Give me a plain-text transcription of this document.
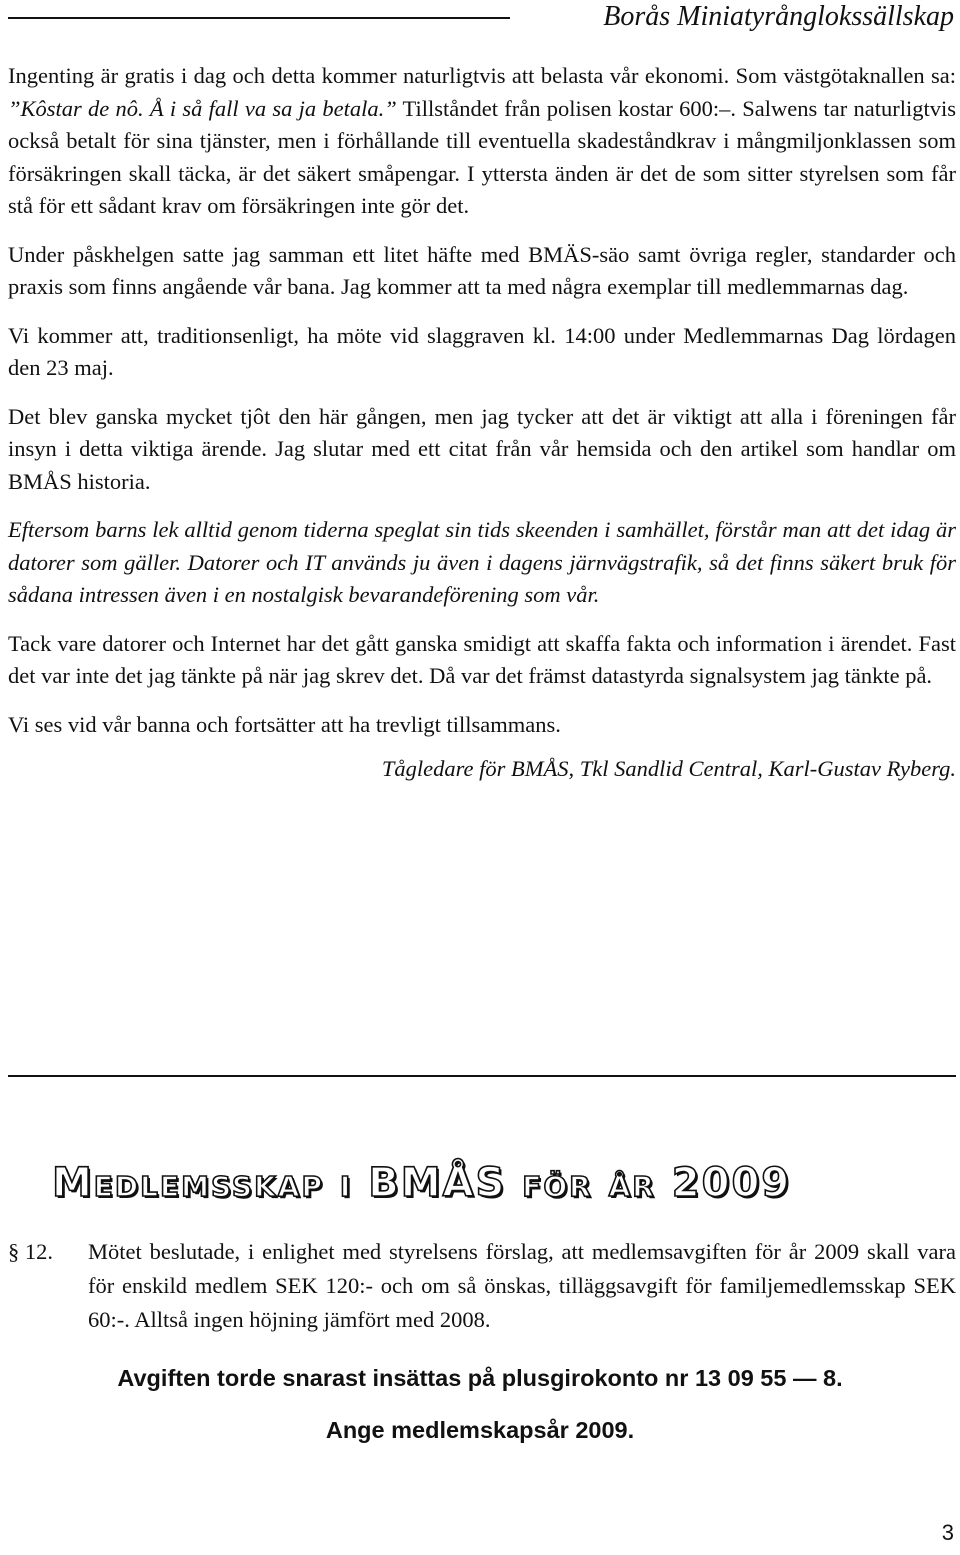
Borås Miniatyrånglokssällskap

Ingenting är gratis i dag och detta kommer naturligtvis att belasta vår ekonomi. Som västgötaknallen sa: ”Kôstar de nô. Å i så fall va sa ja betala.” Tillståndet från polisen kostar 600:–. Salwens tar naturligtvis också betalt för sina tjänster, men i förhållande till eventuella skadeståndkrav i mångmiljonklassen som försäkringen skall täcka, är det säkert småpengar. I yttersta änden är det de som sitter styrelsen som får stå för ett sådant krav om försäkringen inte gör det.

Under påskhelgen satte jag samman ett litet häfte med BMÄS-säo samt övriga regler, standarder och praxis som finns angående vår bana. Jag kommer att ta med några exemplar till medlemmarnas dag.

Vi kommer att, traditionsenligt, ha möte vid slaggraven kl. 14:00 under Medlemmarnas Dag lördagen den 23 maj.

Det blev ganska mycket tjôt den här gången, men jag tycker att det är viktigt att alla i föreningen får insyn i detta viktiga ärende. Jag slutar med ett citat från vår hemsida och den artikel som handlar om BMÅS historia.

Eftersom barns lek alltid genom tiderna speglat sin tids skeenden i samhället, förstår man att det idag är datorer som gäller. Datorer och IT används ju även i dagens järnvägstrafik, så det finns säkert bruk för sådana intressen även i en nostalgisk bevarandeförening som vår.

Tack vare datorer och Internet har det gått ganska smidigt att skaffa fakta och information i ärendet. Fast det var inte det jag tänkte på när jag skrev det. Då var det främst datastyrda signalsystem jag tänkte på.

Vi ses vid vår banna och fortsätter att ha trevligt tillsammans.

Tågledare för BMÅS, Tkl Sandlid Central, Karl-Gustav Ryberg.

Medlemsskap i BMÅS för år 2009
§ 12.	Mötet beslutade, i enlighet med styrelsens förslag, att medlemsavgiften för år 2009 skall vara för enskild medlem SEK 120:- och om så önskas, tilläggsavgift för familjemedlemsskap SEK 60:-. Alltså ingen höjning jämfört med 2008.
Avgiften torde snarast insättas på plusgirokonto nr 13 09 55 — 8.
Ange medlemskapsår 2009.
3
